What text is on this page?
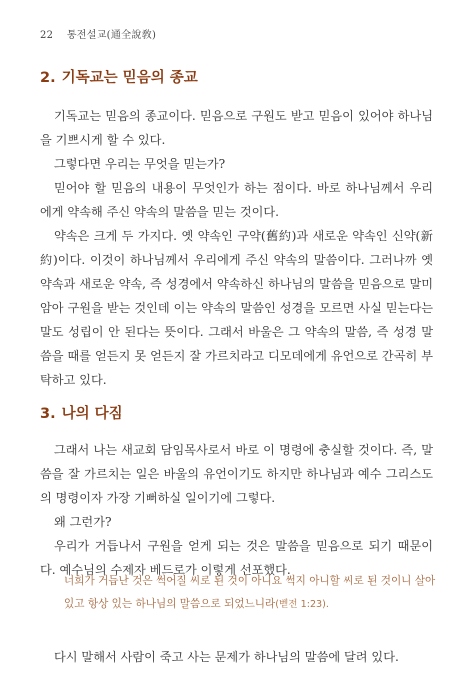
22 통전설교(通全說敎)
2. 기독교는 믿음의 종교

기독교는 믿음의 종교이다. 믿음으로 구원도 받고 믿음이 있어야 하나님을 기쁘시게 할 수 있다.

그렇다면 우리는 무엇을 믿는가?

믿어야 할 믿음의 내용이 무엇인가 하는 점이다. 바로 하나님께서 우리에게 약속해 주신 약속의 말씀을 믿는 것이다.

약속은 크게 두 가지다. 옛 약속인 구약(舊約)과 새로운 약속인 신약(新約)이다. 이것이 하나님께서 우리에게 주신 약속의 말씀이다. 그러나까 옛 약속과 새로운 약속, 즉 성경에서 약속하신 하나님의 말씀을 믿음으로 말미암아 구원을 받는 것인데 이는 약속의 말씀인 성경을 모르면 사실 믿는다는 말도 성립이 안 된다는 뜻이다. 그래서 바울은 그 약속의 말씀, 즉 성경 말씀을 때를 얻든지 못 얻든지 잘 가르치라고 디모데에게 유언으로 간곡히 부탁하고 있다.

3. 나의 다짐

그래서 나는 새교회 담임목사로서 바로 이 명령에 충실할 것이다. 즉, 말씀을 잘 가르치는 일은 바울의 유언이기도 하지만 하나님과 예수 그리스도의 명령이자 가장 기뻐하실 일이기에 그렇다.

왜 그런가?

우리가 거듭나서 구원을 얻게 되는 것은 말씀을 믿음으로 되기 때문이다. 예수님의 수제자 베드로가 이렇게 선포했다.

너희가 거듭난 것은 썩어질 씨로 된 것이 아니요 썩지 아니할 씨로 된 것이니 살아 있고 항상 있는 하나님의 말씀으로 되었느니라(벧전 1:23).

다시 말해서 사람이 죽고 사는 문제가 하나님의 말씀에 달려 있다.
